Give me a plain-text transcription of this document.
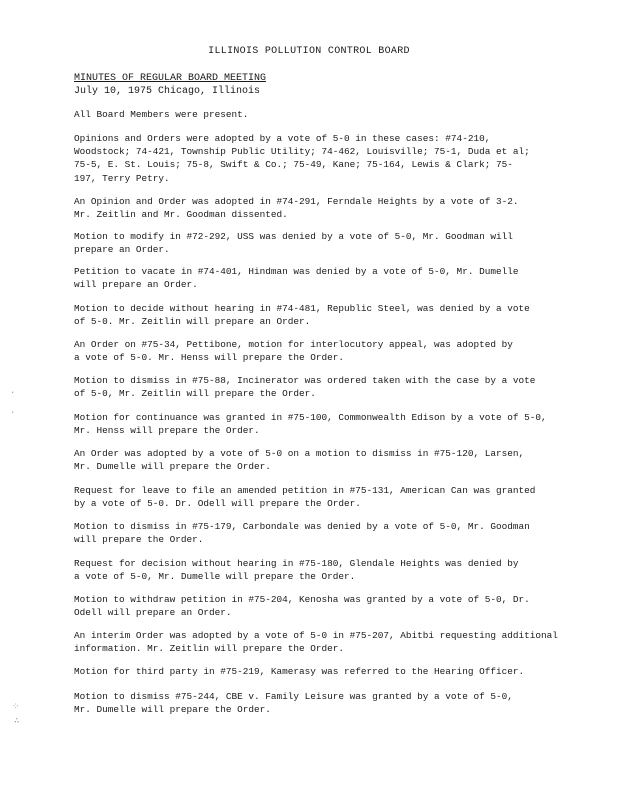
ILLINOIS POLLUTION CONTROL BOARD
MINUTES OF REGULAR BOARD MEETING
July 10, 1975 Chicago, Illinois
All Board Members were present.
Opinions and Orders were adopted by a vote of 5-0 in these cases: #74-210,
Woodstock; 74-421, Township Public Utility; 74-462, Louisville; 75-1, Duda et al;
75-5, E. St. Louis; 75-8, Swift & Co.; 75-49, Kane; 75-164, Lewis & Clark; 75-
197, Terry Petry.
An Opinion and Order was adopted in #74-291, Ferndale Heights by a vote of 3-2.
Mr. Zeitlin and Mr. Goodman dissented.
Motion to modify in #72-292, USS was denied by a vote of 5-0, Mr. Goodman will
prepare an Order.
Petition to vacate in #74-401, Hindman was denied by a vote of 5-0, Mr. Dumelle
will prepare an Order.
Motion to decide without hearing in #74-481, Republic Steel, was denied by a vote
of 5-0. Mr. Zeitlin will prepare an Order.
An Order on #75-34, Pettibone, motion for interlocutory appeal, was adopted by
a vote of 5-0. Mr. Henss will prepare the Order.
Motion to dismiss in #75-88, Incinerator was ordered taken with the case by a vote
of 5-0, Mr. Zeitlin will prepare the Order.
Motion for continuance was granted in #75-100, Commonwealth Edison by a vote of 5-0,
Mr. Henss will prepare the Order.
An Order was adopted by a vote of 5-0 on a motion to dismiss in #75-120, Larsen,
Mr. Dumelle will prepare the Order.
Request for leave to file an amended petition in #75-131, American Can was granted
by a vote of 5-0. Dr. Odell will prepare the Order.
Motion to dismiss in #75-179, Carbondale was denied by a vote of 5-0, Mr. Goodman
will prepare the Order.
Request for decision without hearing in #75-180, Glendale Heights was denied by
a vote of 5-0, Mr. Dumelle will prepare the Order.
Motion to withdraw petition in #75-204, Kenosha was granted by a vote of 5-0, Dr.
Odell will prepare an Order.
An interim Order was adopted by a vote of 5-0 in #75-207, Abitbi requesting additional
information. Mr. Zeitlin will prepare the Order.
Motion for third party in #75-219, Kamerasy was referred to the Hearing Officer.
Motion to dismiss #75-244, CBE v. Family Leisure was granted by a vote of 5-0,
Mr. Dumelle will prepare the Order.
·
·
⁘
∴
